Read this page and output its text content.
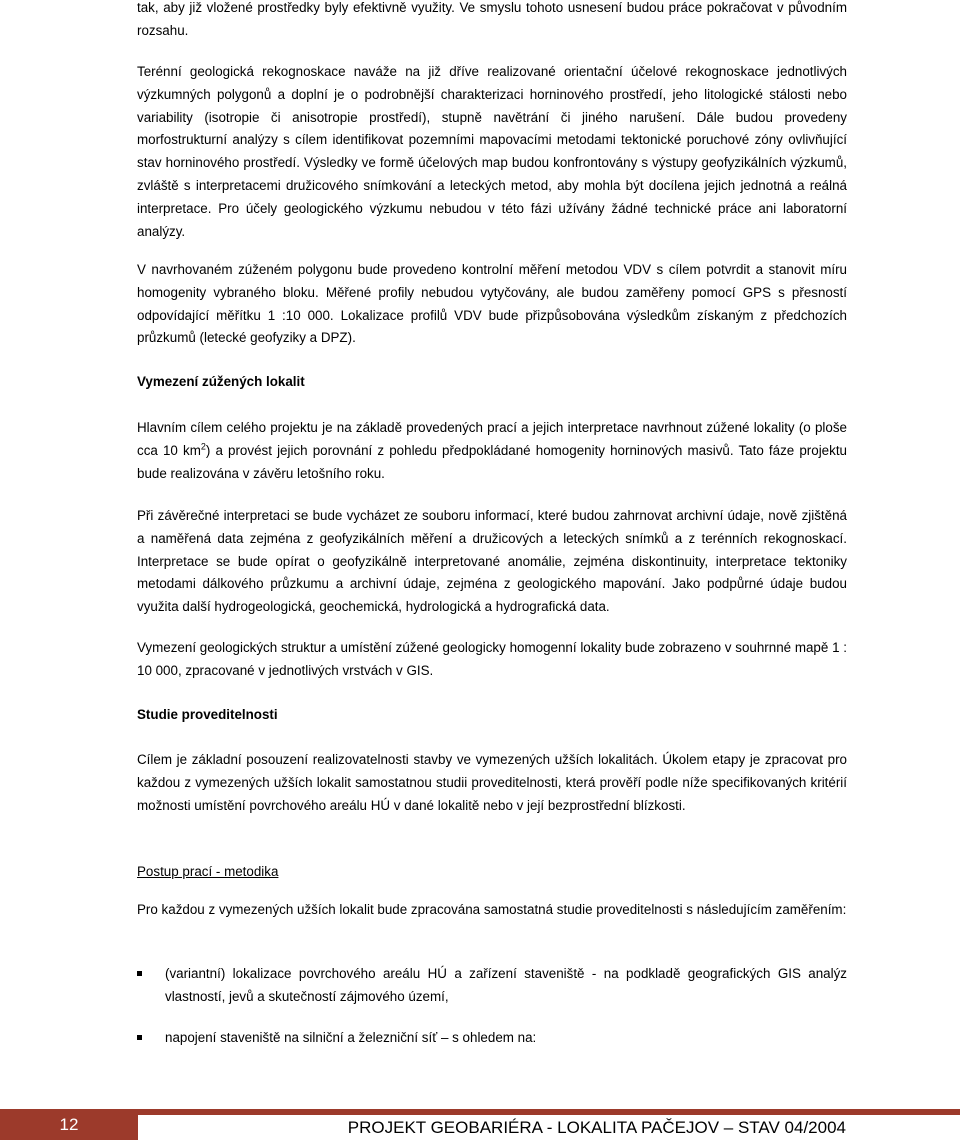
tak, aby již vložené prostředky byly efektivně využity. Ve smyslu tohoto usnesení budou práce pokračovat v původním rozsahu.

Terénní geologická rekognoskace naváže na již dříve realizované orientační účelové rekognoskace jednotlivých výzkumných polygonů a doplní je o podrobnější charakterizaci horninového prostředí, jeho litologické stálosti nebo variability (isotropie či anisotropie prostředí), stupně navětrání či jiného narušení. Dále budou provedeny morfostrukturní analýzy s cílem identifikovat pozemními mapovacími metodami tektonické poruchové zóny ovlivňující stav horninového prostředí. Výsledky ve formě účelových map budou konfrontovány s výstupy geofyzikálních výzkumů, zvláště s interpretacemi družicového snímkování a leteckých metod, aby mohla být docílena jejich jednotná a reálná interpretace. Pro účely geologického výzkumu nebudou v této fázi užívány žádné technické práce ani laboratorní analýzy.

V navrhovaném zúženém polygonu bude provedeno kontrolní měření metodou VDV s cílem potvrdit a stanovit míru homogenity vybraného bloku. Měřené profily nebudou vytyčovány, ale budou zaměřeny pomocí GPS s přesností odpovídající měřítku 1 :10 000. Lokalizace profilů VDV bude přizpůsobována výsledkům získaným z předchozích průzkumů (letecké geofyziky a DPZ).

Vymezení zúžených lokalit

Hlavním cílem celého projektu je na základě provedených prací a jejich interpretace navrhnout zúžené lokality (o ploše cca 10 $km^2$) a provést jejich porovnání z pohledu předpokládané homogenity horninových masivů. Tato fáze projektu bude realizována v závěru letošního roku.

Při závěrečné interpretaci se bude vycházet ze souboru informací, které budou zahrnovat archivní údaje, nově zjištěná a naměřená data zejména z geofyzikálních měření a družicových a leteckých snímků a z terénních rekognoskací. Interpretace se bude opírat o geofyzikálně interpretované anomálie, zejména diskontinuity, interpretace tektoniky metodami dálkového průzkumu a archivní údaje, zejména z geologického mapování. Jako podpůrné údaje budou využita další hydrogeologická, geochemická, hydrologická a hydrografická data.

Vymezení geologických struktur a umístění zúžené geologicky homogenní lokality bude zobrazeno v souhrnné mapě 1 : 10 000, zpracované v jednotlivých vrstvách v GIS.

Studie proveditelnosti

Cílem je základní posouzení realizovatelnosti stavby ve vymezených užších lokalitách. Úkolem etapy je zpracovat pro každou z vymezených užších lokalit samostatnou studii proveditelnosti, která prověří podle níže specifikovaných kritérií možnosti umístění povrchového areálu HÚ v dané lokalitě nebo v její bezprostřední blízkosti.

Postup prací - metodika

Pro každou z vymezených užších lokalit bude zpracována samostatná studie proveditelnosti s následujícím zaměřením:

(variantní) lokalizace povrchového areálu HÚ a zařízení staveniště - na podkladě geografických GIS analýz vlastností, jevů a skutečností zájmového území,

napojení staveniště na silniční a železniční síť – s ohledem na:

12	PROJEKT GEOBARIÉRA - LOKALITA PAČEJOV – STAV 04/2004
